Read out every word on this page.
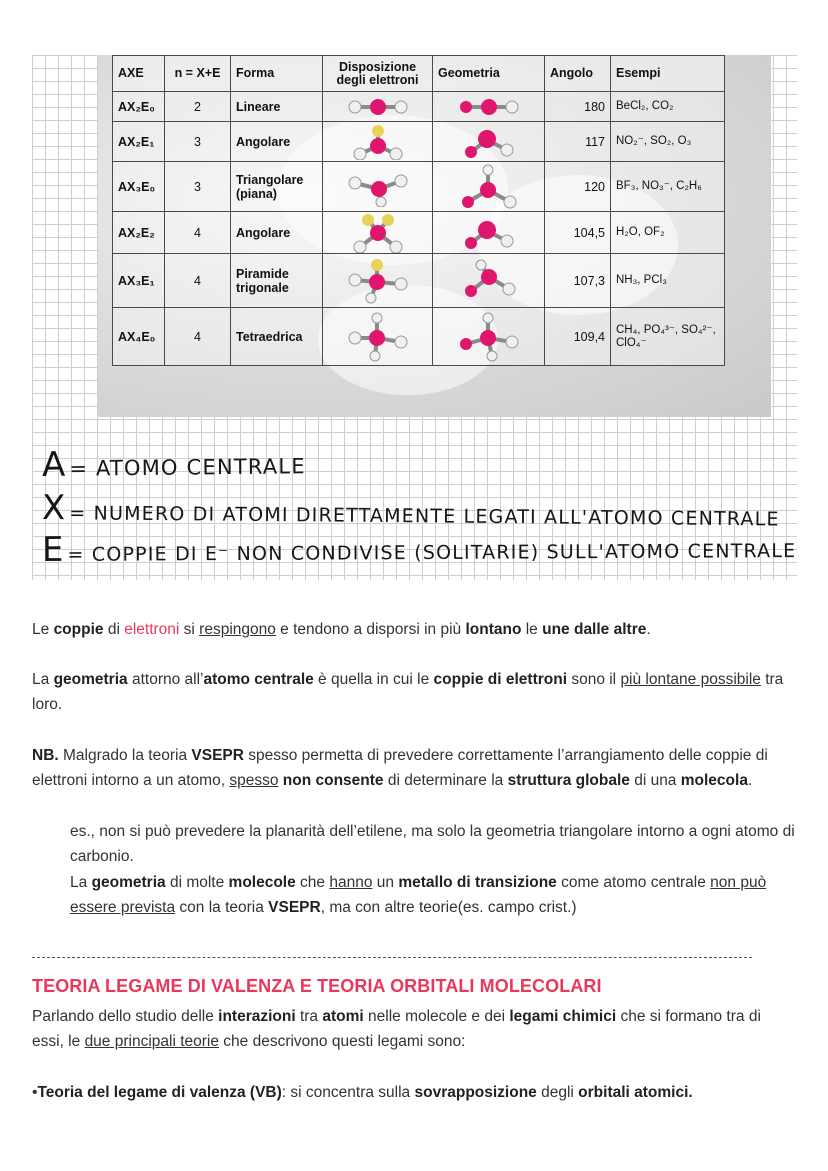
AXE	n = X+E	Forma	Disposizione degli elettroni	Geometria	Angolo	Esempi
AX₂E₀	2	Lineare			180	BeCl₂, CO₂
AX₂E₁	3	Angolare			117	NO₂⁻, SO₂, O₃
AX₃E₀	3	Triangolare (piana)			120	BF₃, NO₃⁻, C₂H₆
AX₂E₂	4	Angolare			104,5	H₂O, OF₂
AX₃E₁	4	Piramide trigonale			107,3	NH₃, PCl₃
AX₄E₀	4	Tetraedrica			109,4	CH₄, PO₄³⁻, SO₄²⁻, ClO₄⁻
A = ATOMO CENTRALE
X = NUMERO DI ATOMI DIRETTAMENTE LEGATI ALL'ATOMO CENTRALE
E = COPPIE DI E⁻ NON CONDIVISE (SOLITARIE) SULL'ATOMO CENTRALE

Le coppie di elettroni si respingono e tendono a disporsi in più lontano le une dalle altre.

La geometria attorno all’atomo centrale è quella in cui le coppie di elettroni sono il più lontane possibile tra loro.

NB. Malgrado la teoria VSEPR spesso permetta di prevedere correttamente l’arrangiamento delle coppie di elettroni intorno a un atomo, spesso non consente di determinare la struttura globale di una molecola.

es., non si può prevedere la planarità dell’etilene, ma solo la geometria triangolare intorno a ogni atomo di carbonio.

La geometria di molte molecole che hanno un metallo di transizione come atomo centrale non può essere prevista con la teoria VSEPR, ma con altre teorie(es. campo crist.)

TEORIA LEGAME DI VALENZA E TEORIA ORBITALI MOLECOLARI

Parlando dello studio delle interazioni tra atomi nelle molecole e dei legami chimici che si formano tra di essi, le due principali teorie che descrivono questi legami sono:

•Teoria del legame di valenza (VB): si concentra sulla sovrapposizione degli orbitali atomici.
